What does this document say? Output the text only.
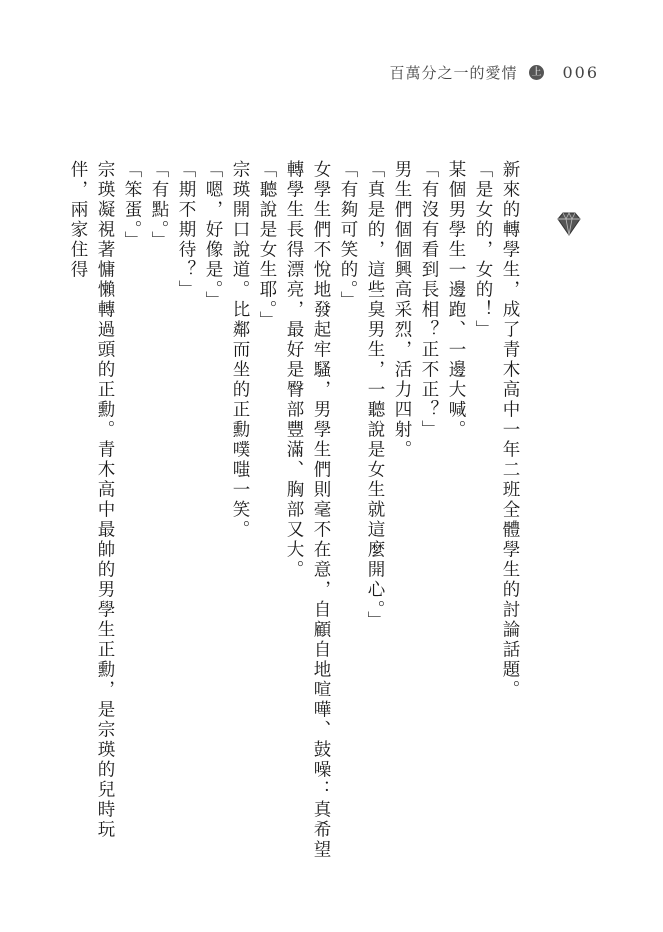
百萬分之一的愛情 上 006

新來的轉學生，成了青木高中一年二班全體學生的討論話題。

「是女的，女的！」

某個男學生一邊跑、一邊大喊。

「有沒有看到長相？正不正？」

男生們個個興高采烈，活力四射。

「真是的，這些臭男生，一聽說是女生就這麼開心。」

「有夠可笑的。」

女學生們不悅地發起牢騷，男學生們則毫不在意，自顧自地喧嘩、鼓噪：真希望轉學生長得漂亮，最好是臀部豐滿、胸部又大。

「聽說是女生耶。」

宗瑛開口說道。比鄰而坐的正勳噗嗤一笑。

「嗯，好像是。」

「期不期待？」

「有點。」

「笨蛋。」

宗瑛凝視著慵懶轉過頭的正勳。青木高中最帥的男學生正勳，是宗瑛的兒時玩伴，兩家住得
